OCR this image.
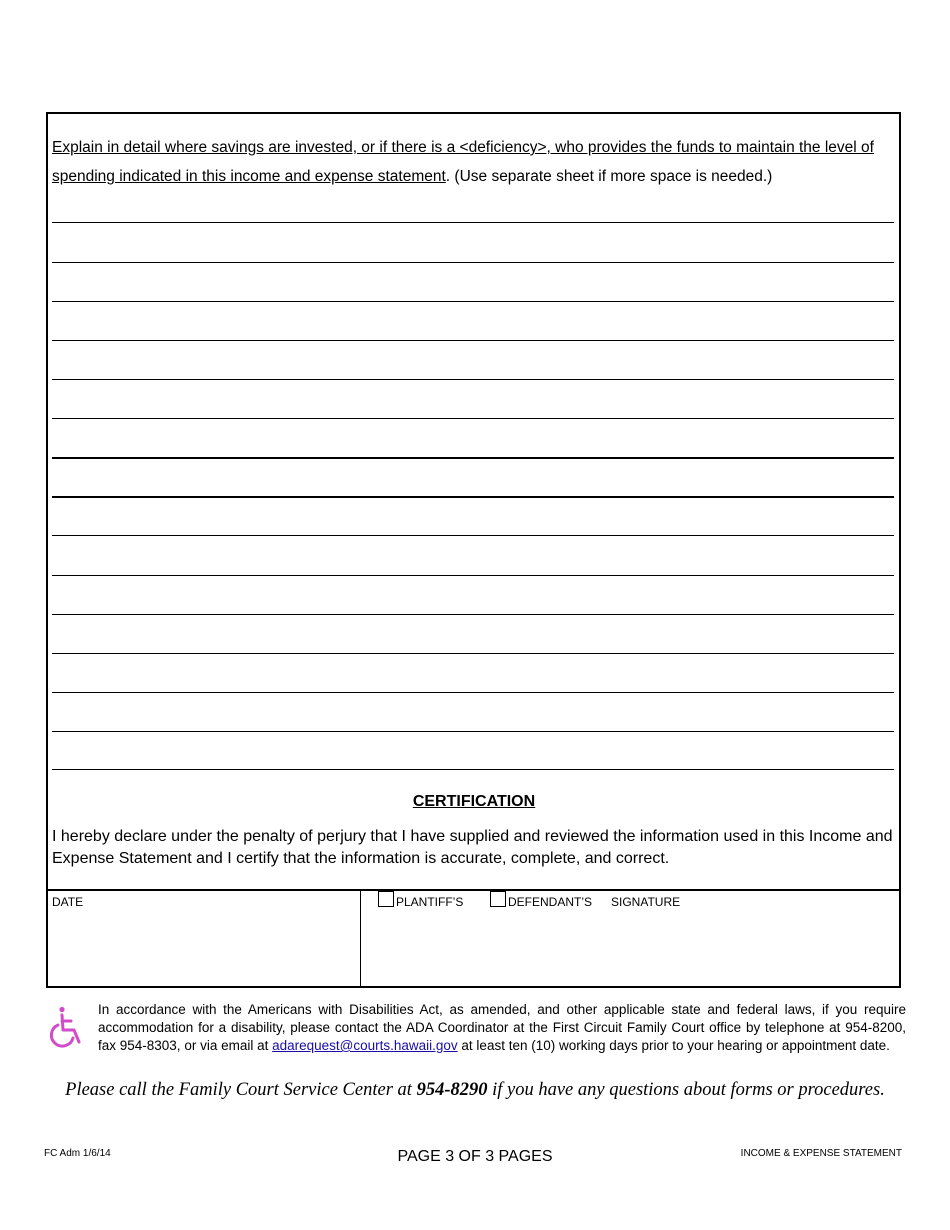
Explain in detail where savings are invested, or if there is a <deficiency>, who provides the funds to maintain the level of spending indicated in this income and expense statement. (Use separate sheet if more space is needed.)
CERTIFICATION
I hereby declare under the penalty of perjury that I have supplied and reviewed the information used in this Income and Expense Statement and I certify that the information is accurate, complete, and correct.
DATE	PLANTIFF’S	DEFENDANT’S SIGNATURE
In accordance with the Americans with Disabilities Act, as amended, and other applicable state and federal laws, if you require accommodation for a disability, please contact the ADA Coordinator at the First Circuit Family Court office by telephone at 954-8200, fax 954-8303, or via email at adarequest@courts.hawaii.gov at least ten (10) working days prior to your hearing or appointment date.
Please call the Family Court Service Center at 954-8290 if you have any questions about forms or procedures.
FC Adm 1/6/14	PAGE 3 OF 3 PAGES	INCOME & EXPENSE STATEMENT
